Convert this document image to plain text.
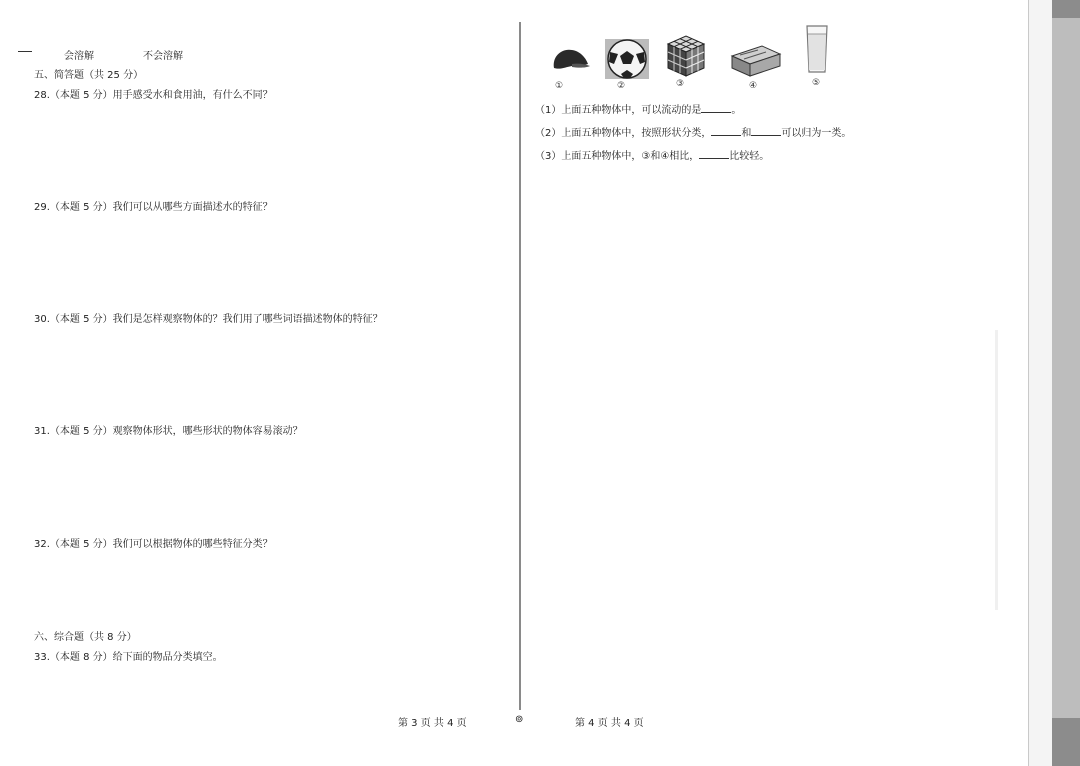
会溶解	不会溶解
五、简答题（共 25 分）
28.（本题 5 分）用手感受水和食用油，有什么不同？
29.（本题 5 分）我们可以从哪些方面描述水的特征？
30.（本题 5 分）我们是怎样观察物体的？我们用了哪些词语描述物体的特征？
31.（本题 5 分）观察物体形状，哪些形状的物体容易滚动？
32.（本题 5 分）我们可以根据物体的哪些特征分类？
六、综合题（共 8 分）
33.（本题 8 分）给下面的物品分类填空。
①	②	③	④	⑤
（1）上面五种物体中，可以流动的是	。
（2）上面五种物体中，按照形状分类，	和	可以归为一类。
（3）上面五种物体中，③和④相比，	比较轻。
第 3 页 共 4 页	⊚	第 4 页 共 4 页
